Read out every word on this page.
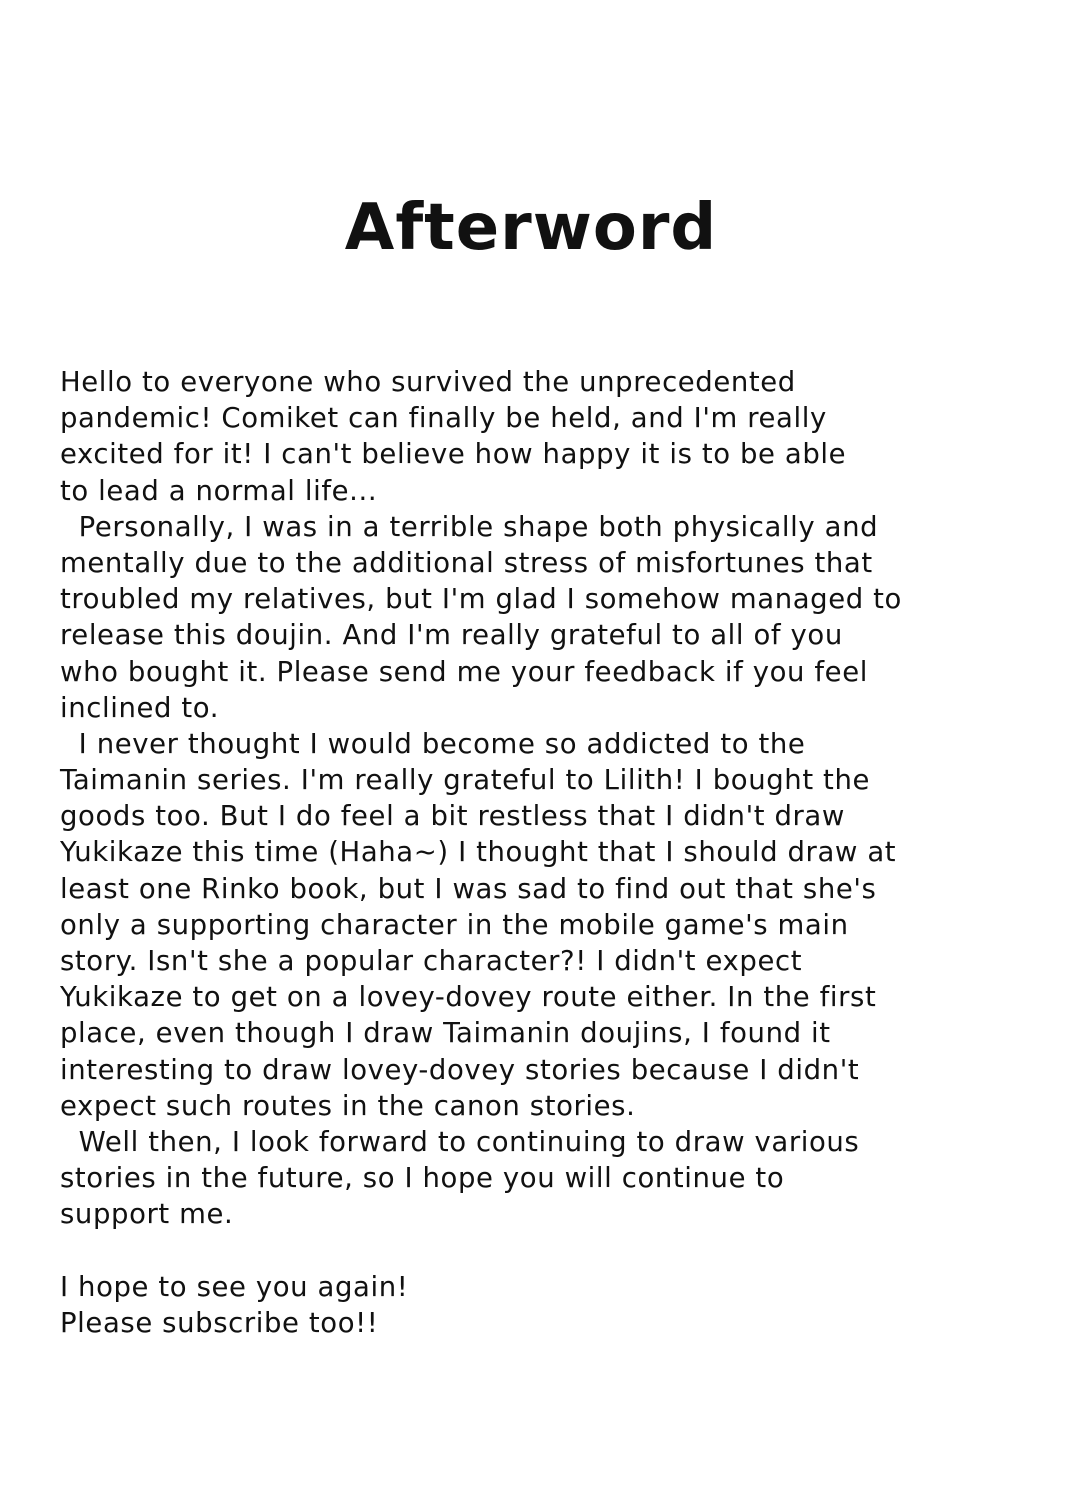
Afterword
Hello to everyone who survived the unprecedented
pandemic! Comiket can finally be held, and I'm really
excited for it! I can't believe how happy it is to be able
to lead a normal life...
Personally, I was in a terrible shape both physically and
mentally due to the additional stress of misfortunes that
troubled my relatives, but I'm glad I somehow managed to
release this doujin. And I'm really grateful to all of you
who bought it. Please send me your feedback if you feel
inclined to.
I never thought I would become so addicted to the
Taimanin series. I'm really grateful to Lilith! I bought the
goods too. But I do feel a bit restless that I didn't draw
Yukikaze this time (Haha~) I thought that I should draw at
least one Rinko book, but I was sad to find out that she's
only a supporting character in the mobile game's main
story. Isn't she a popular character?! I didn't expect
Yukikaze to get on a lovey-dovey route either. In the first
place, even though I draw Taimanin doujins, I found it
interesting to draw lovey-dovey stories because I didn't
expect such routes in the canon stories.
Well then, I look forward to continuing to draw various
stories in the future, so I hope you will continue to
support me.
I hope to see you again!
Please subscribe too!!
